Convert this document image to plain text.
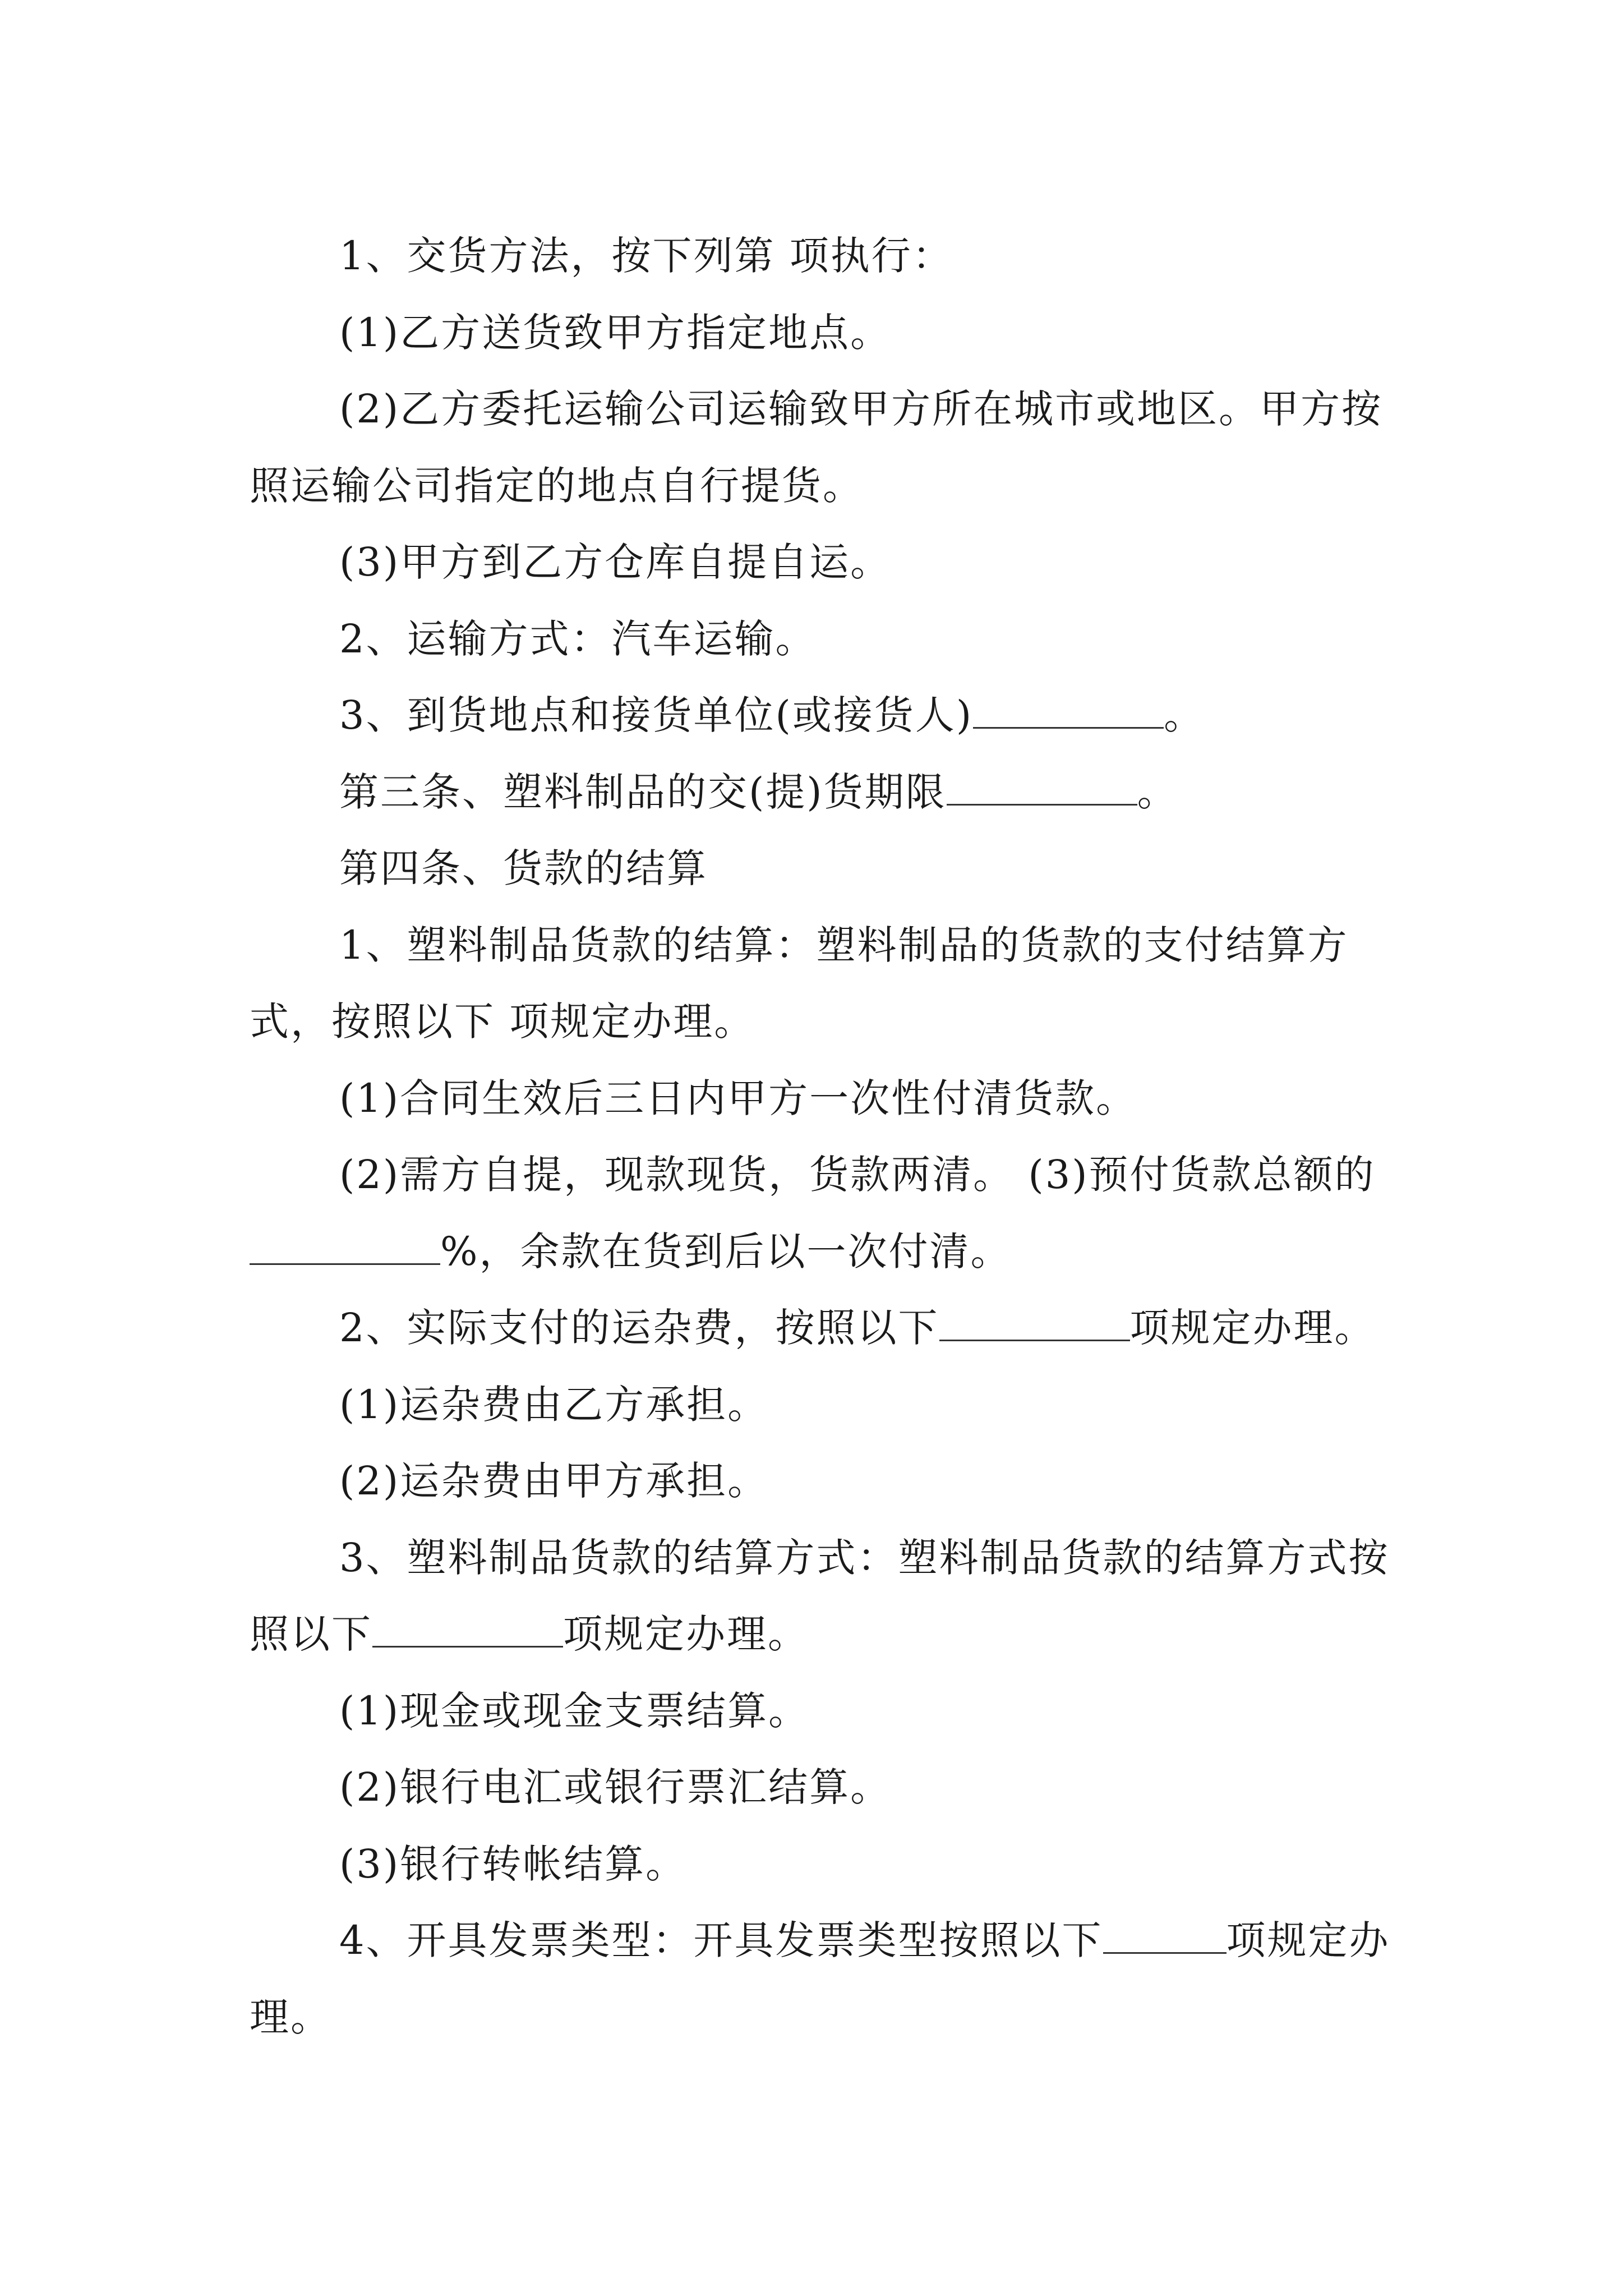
1、交货方法，按下列第 项执行：

(1)乙方送货致甲方指定地点。

(2)乙方委托运输公司运输致甲方所在城市或地区。甲方按照运输公司指定的地点自行提货。

(3)甲方到乙方仓库自提自运。

2、运输方式：汽车运输。

3、到货地点和接货单位(或接货人)	。

第三条、塑料制品的交(提)货期限	。

第四条、货款的结算

1、塑料制品货款的结算：塑料制品的货款的支付结算方式，按照以下 项规定办理。

(1)合同生效后三日内甲方一次性付清货款。

(2)需方自提，现款现货，货款两清。 (3)预付货款总额的%，余款在货到后以一次付清。

2、实际支付的运杂费，按照以下	项规定办理。

(1)运杂费由乙方承担。

(2)运杂费由甲方承担。

3、塑料制品货款的结算方式：塑料制品货款的结算方式按照以下	项规定办理。

(1)现金或现金支票结算。

(2)银行电汇或银行票汇结算。

(3)银行转帐结算。

4、开具发票类型：开具发票类型按照以下	项规定办理。
